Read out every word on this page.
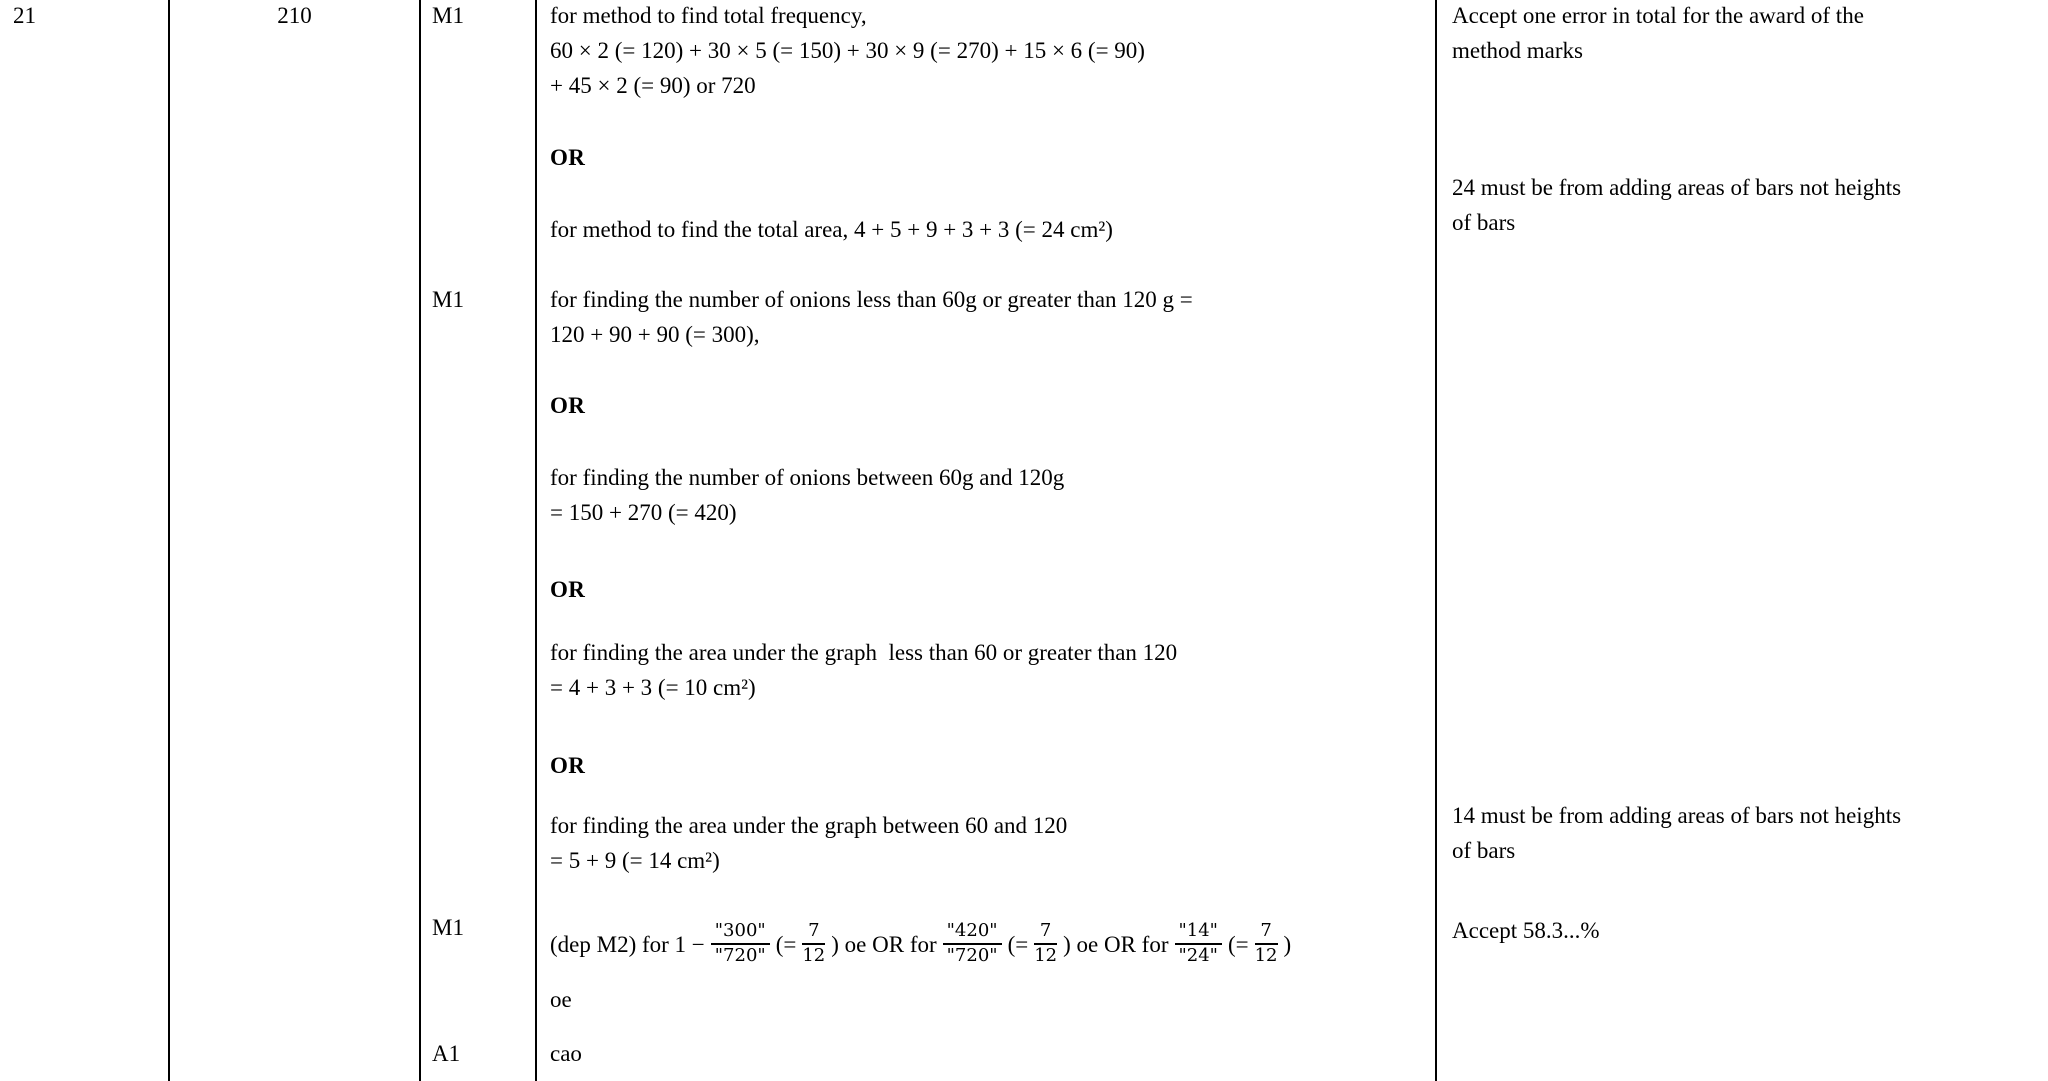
21	210	M1
M1
M1
A1
for method to find total frequency,
60 × 2 (= 120) + 30 × 5 (= 150) + 30 × 9 (= 270) + 15 × 6 (= 90)
+ 45 × 2 (= 90) or 720
OR
for method to find the total area, 4 + 5 + 9 + 3 + 3 (= 24 cm²)
for finding the number of onions less than 60g or greater than 120 g =
120 + 90 + 90 (= 300),
OR
for finding the number of onions between 60g and 120g
= 150 + 270 (= 420)
OR
for finding the area under the graph  less than 60 or greater than 120
= 4 + 3 + 3 (= 10 cm²)
OR
for finding the area under the graph between 60 and 120
= 5 + 9 (= 14 cm²)
(dep M2) for $1 - \frac{"300"}{"720"}$ (= $\frac{7}{12}$ ) oe OR for $\frac{"420"}{"720"}$ (= $\frac{7}{12}$ ) oe OR for $\frac{"14"}{"24"}$ (= $\frac{7}{12}$ )
oe
cao
Accept one error in total for the award of the
method marks
24 must be from adding areas of bars not heights
of bars
14 must be from adding areas of bars not heights
of bars
Accept 58.3...%
